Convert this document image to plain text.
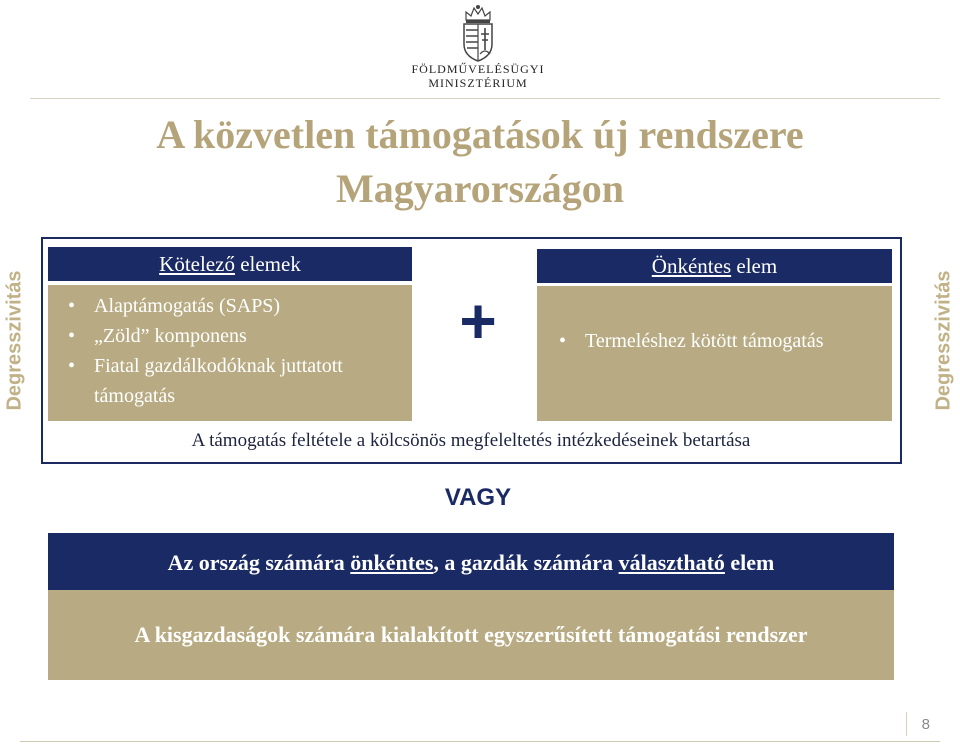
FÖLDMŰVELÉSÜGYI
MINISZTÉRIUM
A közvetlen támogatások új rendszere
Magyarországon
Degresszivitás	Degresszivitás
Kötelező elemek
• Alaptámogatás (SAPS)
• „Zöld” komponens
• Fiatal gazdálkodóknak juttatott támogatás
+
Önkéntes elem
• Termeléshez kötött támogatás
A támogatás feltétele a kölcsönös megfeleltetés intézkedéseinek betartása
VAGY
Az ország számára önkéntes, a gazdák számára választható elem
A kisgazdaságok számára kialakított egyszerűsített támogatási rendszer
8
